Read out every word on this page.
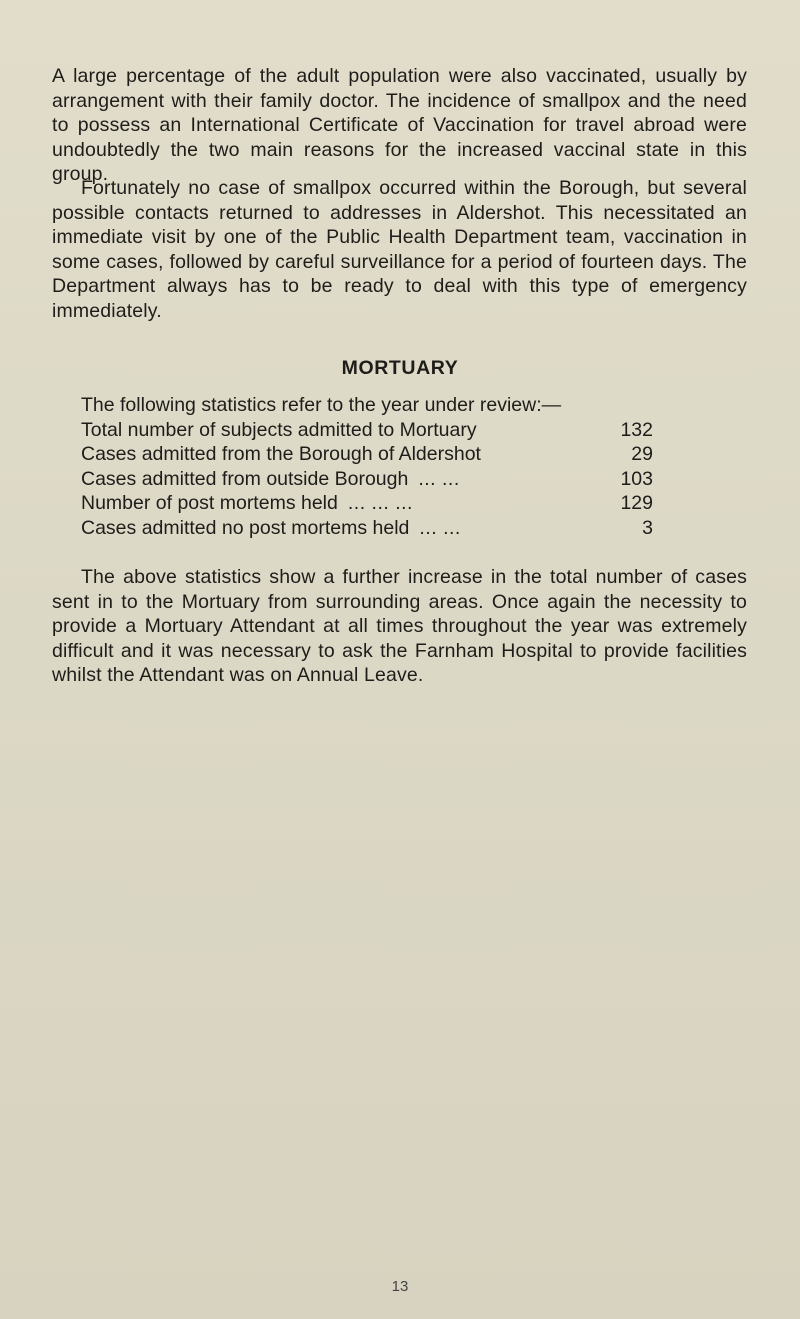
A large percentage of the adult population were also vaccinated, usually by arrangement with their family doctor. The incidence of smallpox and the need to possess an International Certificate of Vaccination for travel abroad were undoubtedly the two main reasons for the increased vaccinal state in this group.

Fortunately no case of smallpox occurred within the Borough, but several possible contacts returned to addresses in Aldershot. This necessitated an immediate visit by one of the Public Health Department team, vaccination in some cases, followed by careful surveillance for a period of fourteen days. The Department always has to be ready to deal with this type of emergency immediately.

MORTUARY
The following statistics refer to the year under review:—
Total number of subjects admitted to Mortuary	132
Cases admitted from the Borough of Aldershot	29
Cases admitted from outside Borough ... ...	103
Number of post mortems held ... ... ...	129
Cases admitted no post mortems held ... ...	3

The above statistics show a further increase in the total number of cases sent in to the Mortuary from surrounding areas. Once again the necessity to provide a Mortuary Attendant at all times throughout the year was extremely difficult and it was necessary to ask the Farnham Hospital to provide facilities whilst the Attendant was on Annual Leave.

13
